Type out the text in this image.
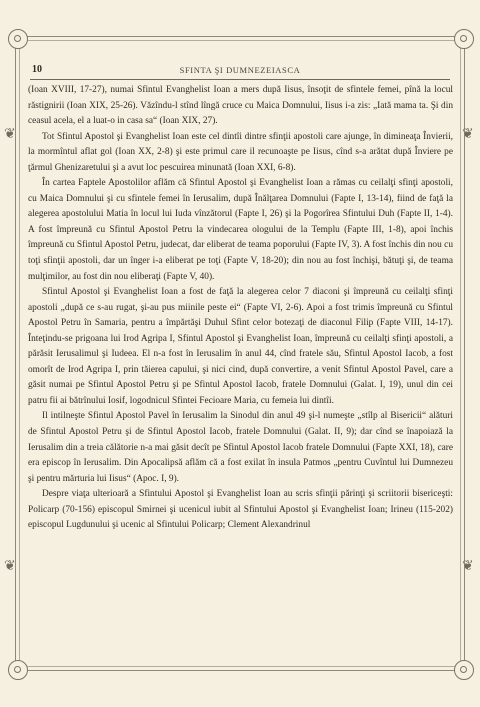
❦
❦
❦
❦
10	SFINTA ŞI DUMNEZEIASCA

(Ioan XVIII, 17-27), numai Sfintul Evanghelist Ioan a mers după Iisus, însoţit de sfintele femei, pînă la locul răstignirii (Ioan XIX, 25-26). Văzîndu-l stînd lîngă cruce cu Maica Domnului, Iisus i-a zis: „Iată mama ta. Şi din ceasul acela, el a luat-o in casa sa“ (Ioan XIX, 27).

Tot Sfintul Apostol şi Evanghelist Ioan este cel dintîi dintre sfinţii apostoli care ajunge, în dimineaţa Învierii, la mormîntul aflat gol (Ioan XX, 2-8) şi este primul care il recunoaşte pe Iisus, cînd s-a arătat după Înviere pe ţărmul Ghenizaretului şi a avut loc pescuirea minunată (Ioan XXI, 6-8).

În cartea Faptele Apostolilor aflăm că Sfintul Apostol şi Evanghelist Ioan a rămas cu ceilalţi sfinţi apostoli, cu Maica Domnului şi cu sfintele femei în Ierusalim, după Înălţarea Domnului (Fapte I, 13-14), fiind de faţă la alegerea apostolului Matia în locul lui Iuda vînzătorul (Fapte I, 26) şi la Pogorîrea Sfintului Duh (Fapte II, 1-4). A fost împreună cu Sfintul Apostol Petru la vindecarea ologului de la Templu (Fapte III, 1-8), apoi închis împreună cu Sfintul Apostol Petru, judecat, dar eliberat de teama poporului (Fapte IV, 3). A fost închis din nou cu toţi sfinţii apostoli, dar un înger i-a eliberat pe toţi (Fapte V, 18-20); din nou au fost închişi, bătuţi şi, de teama mulţimilor, au fost din nou eliberaţi (Fapte V, 40).

Sfintul Apostol şi Evanghelist Ioan a fost de faţă la alegerea celor 7 diaconi şi împreună cu ceilalţi sfinţi apostoli „după ce s-au rugat, şi-au pus miinile peste ei“ (Fapte VI, 2-6). Apoi a fost trimis împreună cu Sfintul Apostol Petru în Samaria, pentru a împărtăşi Duhul Sfint celor botezaţi de diaconul Filip (Fapte VIII, 14-17). Înteţindu-se prigoana lui Irod Agripa I, Sfintul Apostol şi Evanghelist Ioan, împreună cu ceilalţi sfinţi apostoli, a părăsit Ierusalimul şi Iudeea. El n-a fost în Ierusalim în anul 44, cînd fratele său, Sfintul Apostol Iacob, a fost omorît de Irod Agripa I, prin tăierea capului, şi nici cind, după convertire, a venit Sfintul Apostol Pavel, care a găsit numai pe Sfintul Apostol Petru şi pe Sfintul Apostol Iacob, fratele Domnului (Galat. I, 19), unul din cei patru fii ai bătrînului Iosif, logodnicul Sfintei Fecioare Maria, cu femeia lui dintîi.

Il intilneşte Sfintul Apostol Pavel în Ierusalim la Sinodul din anul 49 şi-l numeşte „stîlp al Bisericii“ alături de Sfintul Apostol Petru şi de Sfintul Apostol Iacob, fratele Domnului (Galat. II, 9); dar cînd se înapoiază la Ierusalim din a treia călătorie n-a mai găsit decît pe Sfintul Apostol Iacob fratele Domnului (Fapte XXI, 18), care era episcop în Ierusalim. Din Apocalipsă aflăm că a fost exilat în insula Patmos „pentru Cuvîntul lui Dumnezeu şi pentru mărturia lui Iisus“ (Apoc. I, 9).

Despre viaţa ulterioară a Sfintului Apostol şi Evanghelist Ioan au scris sfinţii părinţi şi scriitorii bisericeşti: Policarp (70-156) episcopul Smirnei şi ucenicul iubit al Sfintului Apostol şi Evanghelist Ioan; Irineu (115-202) episcopul Lugdunului şi ucenic al Sfintului Policarp; Clement Alexandrinul
